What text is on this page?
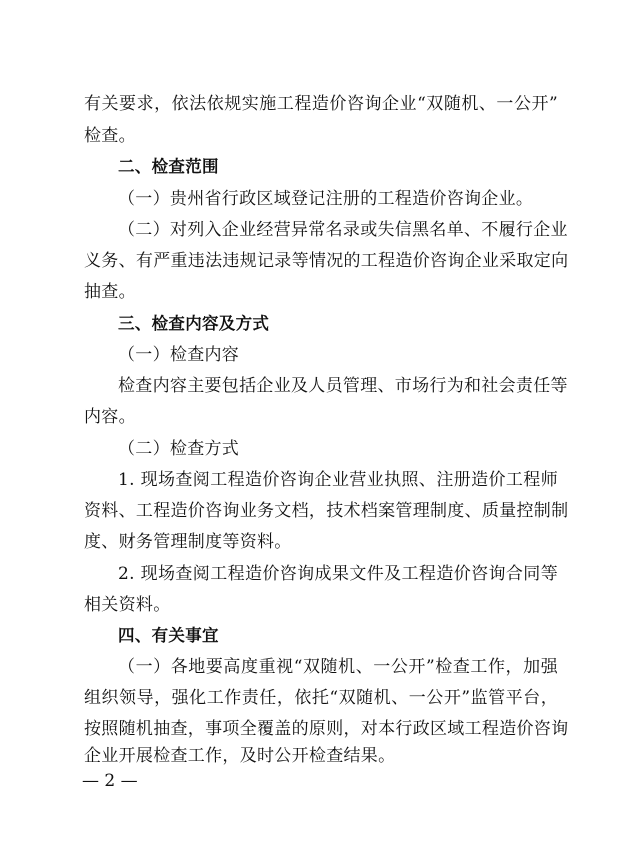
有关要求，依法依规实施工程造价咨询企业“双随机、一公开”
检查。
二、检查范围
（一）贵州省行政区域登记注册的工程造价咨询企业。
（二）对列入企业经营异常名录或失信黑名单、不履行企业
义务、有严重违法违规记录等情况的工程造价咨询企业采取定向
抽查。
三、检查内容及方式
（一）检查内容
检查内容主要包括企业及人员管理、市场行为和社会责任等
内容。
（二）检查方式
1. 现场查阅工程造价咨询企业营业执照、注册造价工程师
资料、工程造价咨询业务文档，技术档案管理制度、质量控制制
度、财务管理制度等资料。
2. 现场查阅工程造价咨询成果文件及工程造价咨询合同等
相关资料。
四、有关事宜
（一）各地要高度重视“双随机、一公开”检查工作，加强
组织领导，强化工作责任，依托“双随机、一公开”监管平台，
按照随机抽查，事项全覆盖的原则，对本行政区域工程造价咨询
企业开展检查工作，及时公开检查结果。
— 2 —
